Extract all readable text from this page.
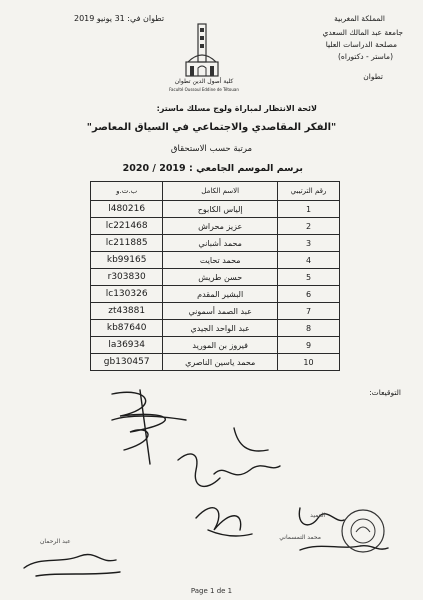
تطوان في: 31 يونيو 2019	المملكة المغربية
جامعة عبد المالك السعدي
مصلحة الدراسات العليا
(ماستر - دكتوراه)
تطوان
كلية أصول الدين تطوان
Faculté Oussoul Eddine de Tétouan
لائحة الانتظار لمباراة ولوج مسلك ماستر:
"الفكر المقاصدي والاجتماعي في السياق المعاصر"
مرتبة حسب الاستحقاق
برسم الموسم الجامعي : 2019 / 2020
رقم الترتيبي	الاسم الكامل	ب.ت.و
1	إلياس الكابوح	l480216
2	عزيز محراش	lc221468
3	محمد أشباني	lc211885
4	محمد تحايت	kb99165
5	حسن طريش	r303830
6	البشير المقدم	lc130326
7	عبد الصمد أسموني	zt43881
8	عبد الواحد الجيدي	kb87640
9	فيروز بن الموريد	la36934
10	محمد ياسين الناصري	gb130457
التوقيعات:
العميد
محمد التمسماني
عبد الرحمان
Page 1 de 1
